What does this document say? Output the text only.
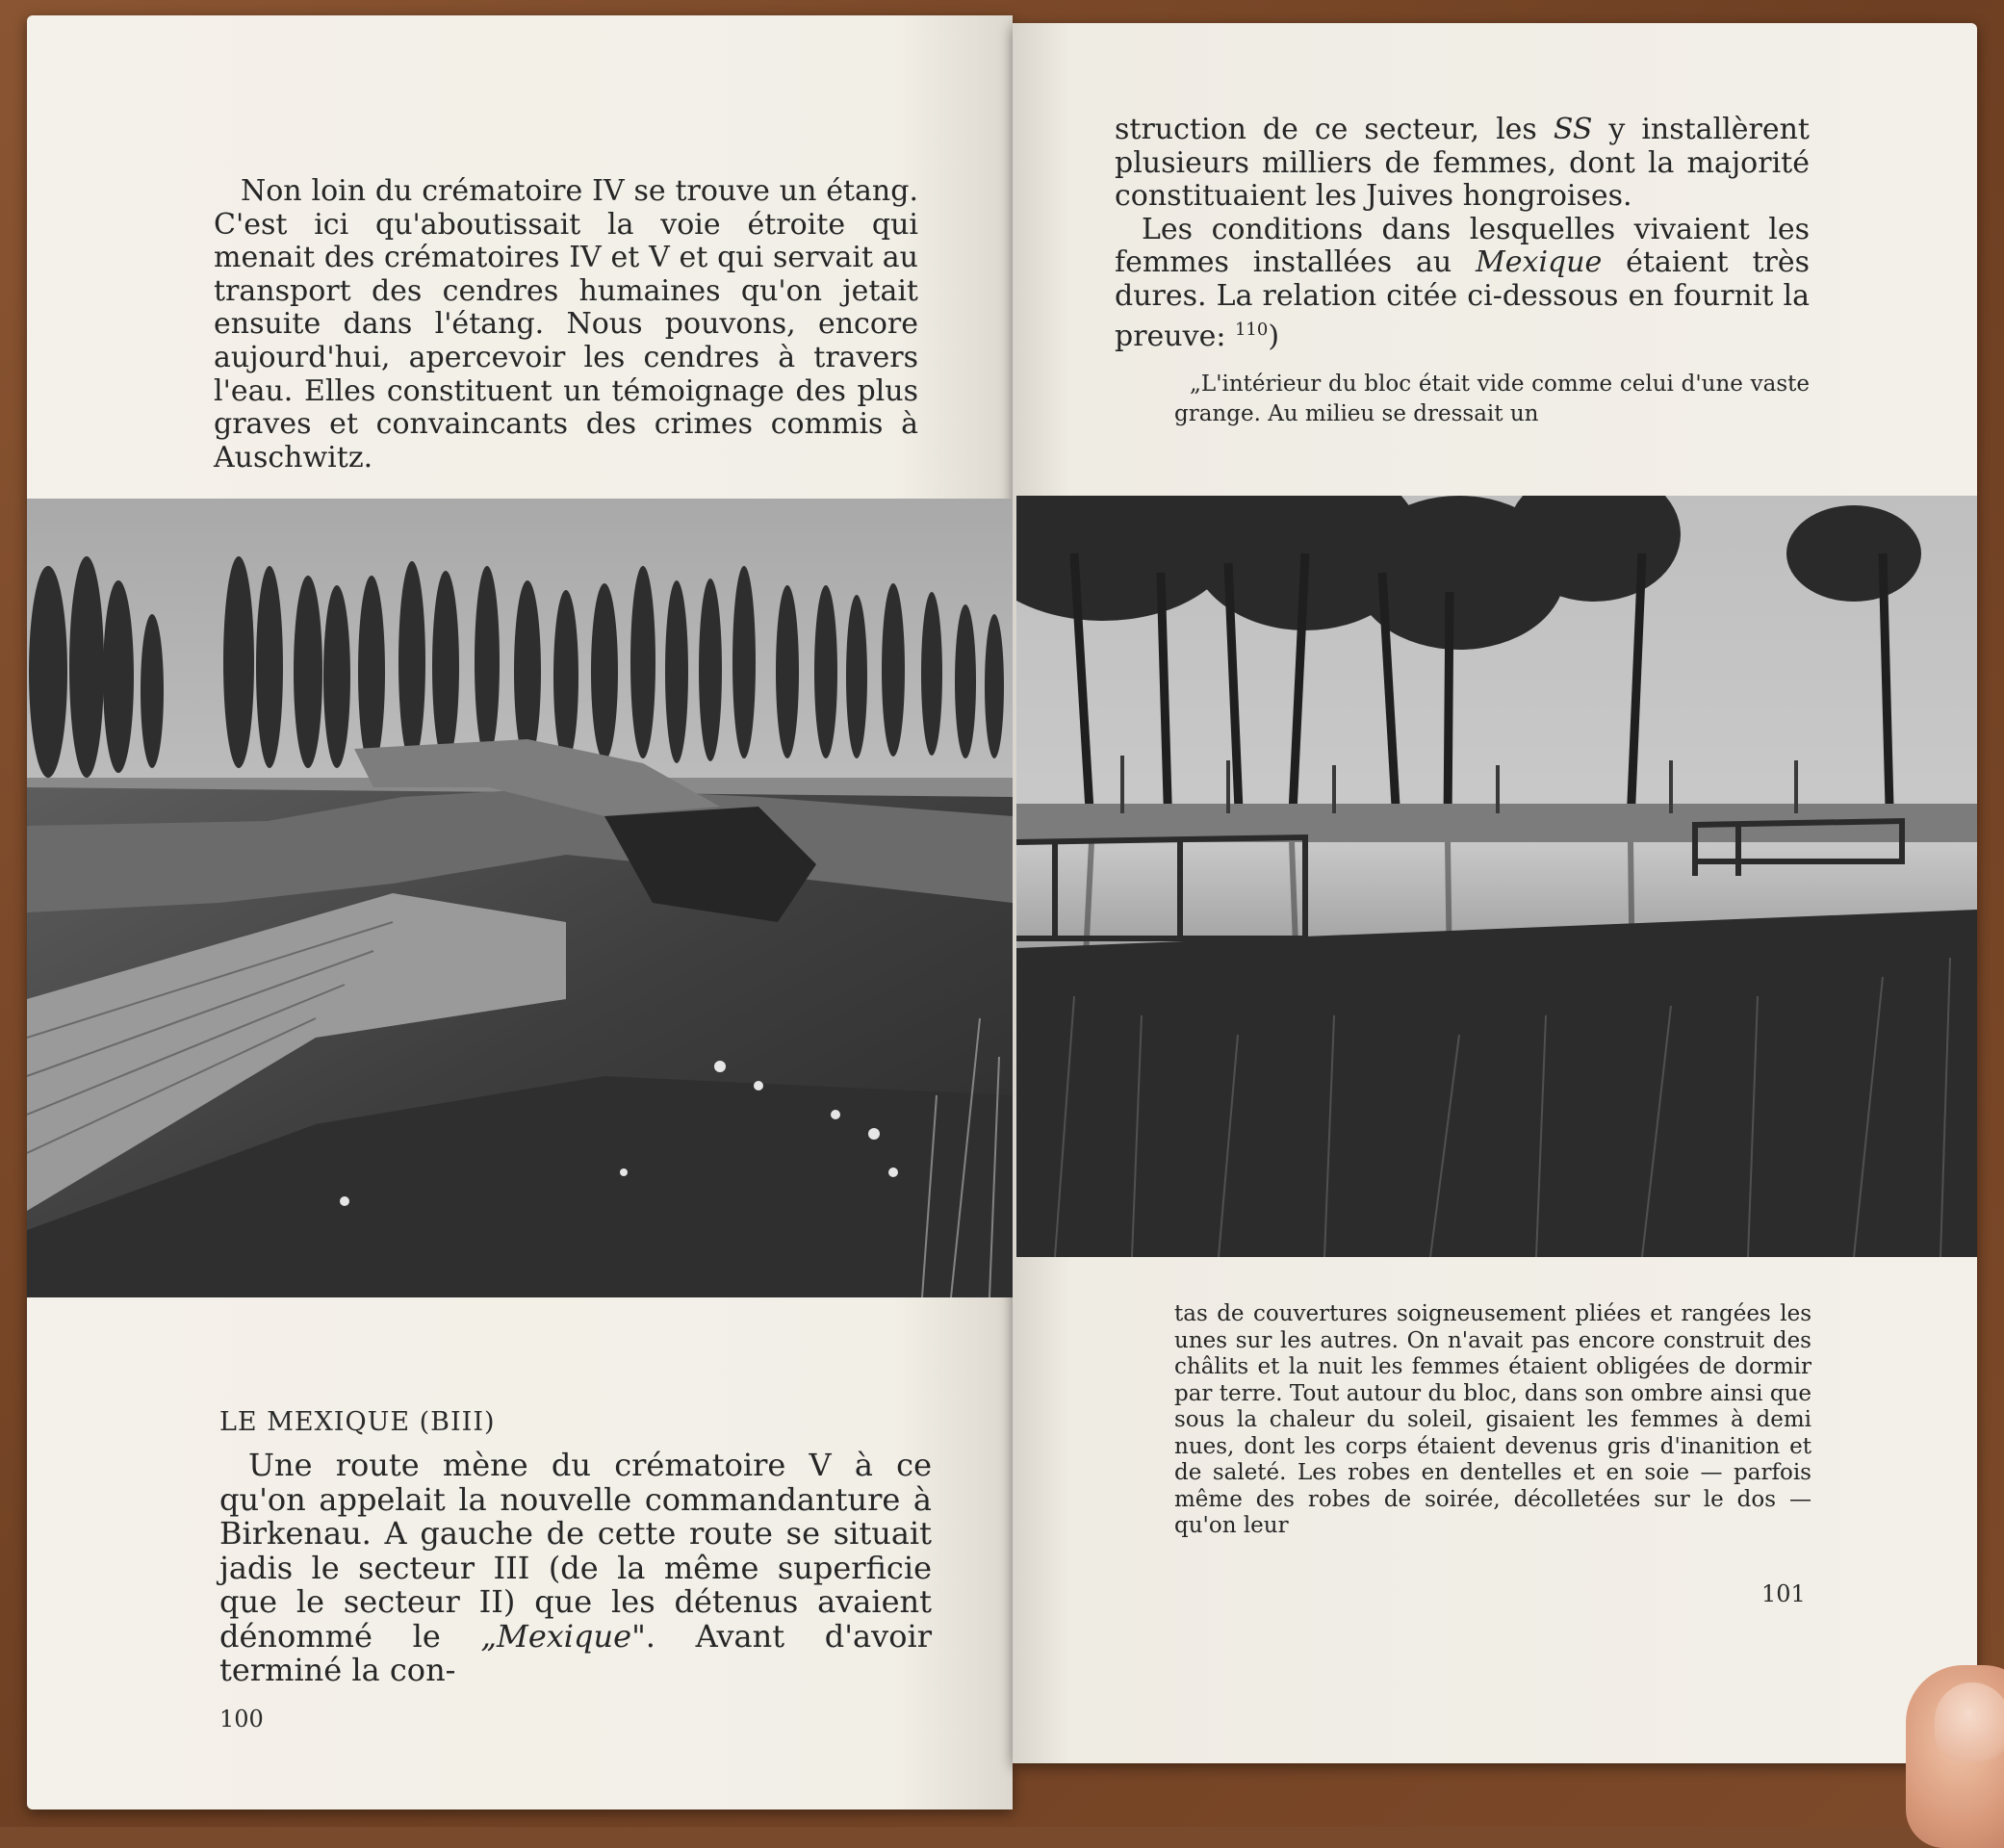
Non loin du crématoire IV se trouve un étang. C'est ici qu'aboutissait la voie étroite qui menait des crématoires IV et V et qui servait au transport des cendres humaines qu'on jetait ensuite dans l'étang. Nous pouvons, encore aujourd'hui, apercevoir les cendres à travers l'eau. Elles constituent un témoignage des plus graves et convaincants des crimes commis à Auschwitz.

LE MEXIQUE (BIII)

Une route mène du crématoire V à ce qu'on appelait la nouvelle commandanture à Birkenau. A gauche de cette route se situait jadis le secteur III (de la même superficie que le secteur II) que les détenus avaient dénommé le „Mexique". Avant d'avoir terminé la con-

100

struction de ce secteur, les SS y installèrent plusieurs milliers de femmes, dont la majorité constituaient les Juives hongroises.

Les conditions dans lesquelles vivaient les femmes installées au Mexique étaient très dures. La relation citée ci-dessous en fournit la preuve: $^{110}$)

„L'intérieur du bloc était vide comme celui d'une vaste grange. Au milieu se dressait un

tas de couvertures soigneusement pliées et rangées les unes sur les autres. On n'avait pas encore construit des châlits et la nuit les femmes étaient obligées de dormir par terre. Tout autour du bloc, dans son ombre ainsi que sous la chaleur du soleil, gisaient les femmes à demi nues, dont les corps étaient devenus gris d'inanition et de saleté. Les robes en dentelles et en soie — parfois même des robes de soirée, décolletées sur le dos — qu'on leur

101
